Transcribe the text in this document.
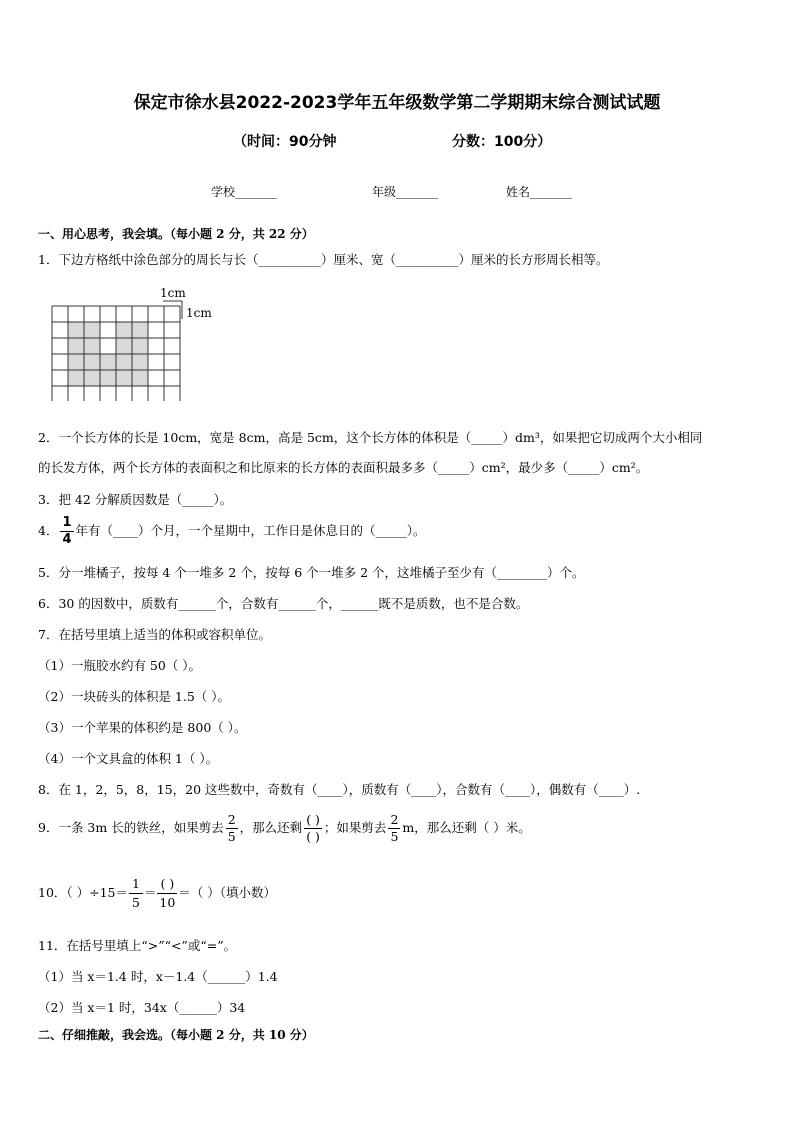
保定市徐水县2022-2023学年五年级数学第二学期期末综合测试试题
（时间：90分钟	分数：100分）
学校_______	年级_______	姓名_______
一、用心思考，我会填。（每小题 2 分，共 22 分）
1．下边方格纸中涂色部分的周长与长（__________）厘米、宽（__________）厘米的长方形周长相等。
1cm
1cm
2．一个长方体的长是 10cm，宽是 8cm，高是 5cm，这个长方体的体积是（_____）dm³，如果把它切成两个大小相同
的长发方体，两个长方体的表面积之和比原来的长方体的表面积最多多（_____）cm²，最少多（_____）cm²。
3．把 42 分解质因数是（_____）。
4． $\frac{1}{4}$ 年有（____）个月，一个星期中，工作日是休息日的（_____）。
5．分一堆橘子，按每 4 个一堆多 2 个，按每 6 个一堆多 2 个，这堆橘子至少有（________）个。
6．30 的因数中，质数有______个，合数有______个，______既不是质数，也不是合数。
7．在括号里填上适当的体积或容积单位。
（1）一瓶胶水约有 50（ ）。
（2）一块砖头的体积是 1.5（ ）。
（3）一个苹果的体积约是 800（ ）。
（4）一个文具盒的体积 1（ ）。
8．在 1，2，5，8，15，20 这些数中，奇数有（____），质数有（____），合数有（____），偶数有（____）.
9．一条 3m 长的铁丝，如果剪去 $\frac{2}{5}$ ，那么还剩 $\frac{( )}{( )}$ ；如果剪去 $\frac{2}{5}$ m，那么还剩（ ）米。
10．（ ）$\div 15= \frac{1}{5}$ ＝
( )
10
＝（ ）（填小数）
11．在括号里填上“>”“<”或“=”。
（1）当 x＝1.4 时，x－1.4（______）1.4
（2）当 x＝1 时，34x（______）34
二、仔细推敲，我会选。（每小题 2 分，共 10 分）
